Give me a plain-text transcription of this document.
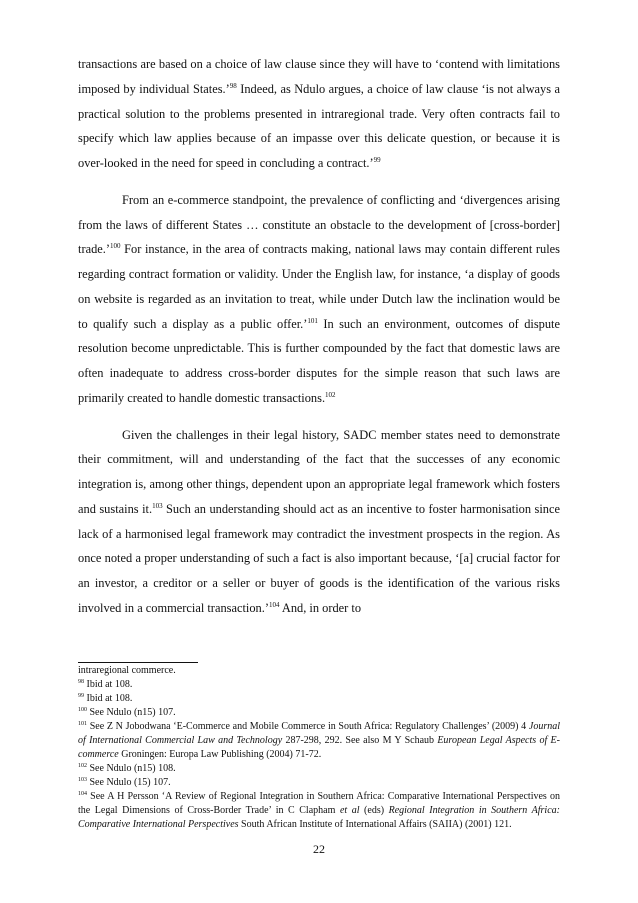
transactions are based on a choice of law clause since they will have to ‘contend with limitations imposed by individual States.’$^{98}$ Indeed, as Ndulo argues, a choice of law clause ‘is not always a practical solution to the problems presented in intraregional trade. Very often contracts fail to specify which law applies because of an impasse over this delicate question, or because it is over-looked in the need for speed in concluding a contract.’$^{99}$

From an e-commerce standpoint, the prevalence of conflicting and ‘divergences arising from the laws of different States … constitute an obstacle to the development of [cross-border] trade.’$^{100}$ For instance, in the area of contracts making, national laws may contain different rules regarding contract formation or validity. Under the English law, for instance, ‘a display of goods on website is regarded as an invitation to treat, while under Dutch law the inclination would be to qualify such a display as a public offer.’$^{101}$ In such an environment, outcomes of dispute resolution become unpredictable. This is further compounded by the fact that domestic laws are often inadequate to address cross-border disputes for the simple reason that such laws are primarily created to handle domestic transactions.$^{102}$

Given the challenges in their legal history, SADC member states need to demonstrate their commitment, will and understanding of the fact that the successes of any economic integration is, among other things, dependent upon an appropriate legal framework which fosters and sustains it.$^{103}$ Such an understanding should act as an incentive to foster harmonisation since lack of a harmonised legal framework may contradict the investment prospects in the region. As once noted a proper understanding of such a fact is also important because, ‘[a] crucial factor for an investor, a creditor or a seller or buyer of goods is the identification of the various risks involved in a commercial transaction.’$^{104}$ And, in order to

intraregional commerce.
$^{98}$ Ibid at 108.
$^{99}$ Ibid at 108.
$^{100}$ See Ndulo (n15) 107.
$^{101}$ See Z N Jobodwana ‘E-Commerce and Mobile Commerce in South Africa: Regulatory Challenges’ (2009) 4 Journal of International Commercial Law and Technology 287-298, 292. See also M Y Schaub European Legal Aspects of E-commerce Groningen: Europa Law Publishing (2004) 71-72.
$^{102}$ See Ndulo (n15) 108.
$^{103}$ See Ndulo (15) 107.
$^{104}$ See A H Persson ‘A Review of Regional Integration in Southern Africa: Comparative International Perspectives on the Legal Dimensions of Cross-Border Trade’ in C Clapham et al (eds) Regional Integration in Southern Africa: Comparative International Perspectives South African Institute of International Affairs (SAIIA) (2001) 121.
22
